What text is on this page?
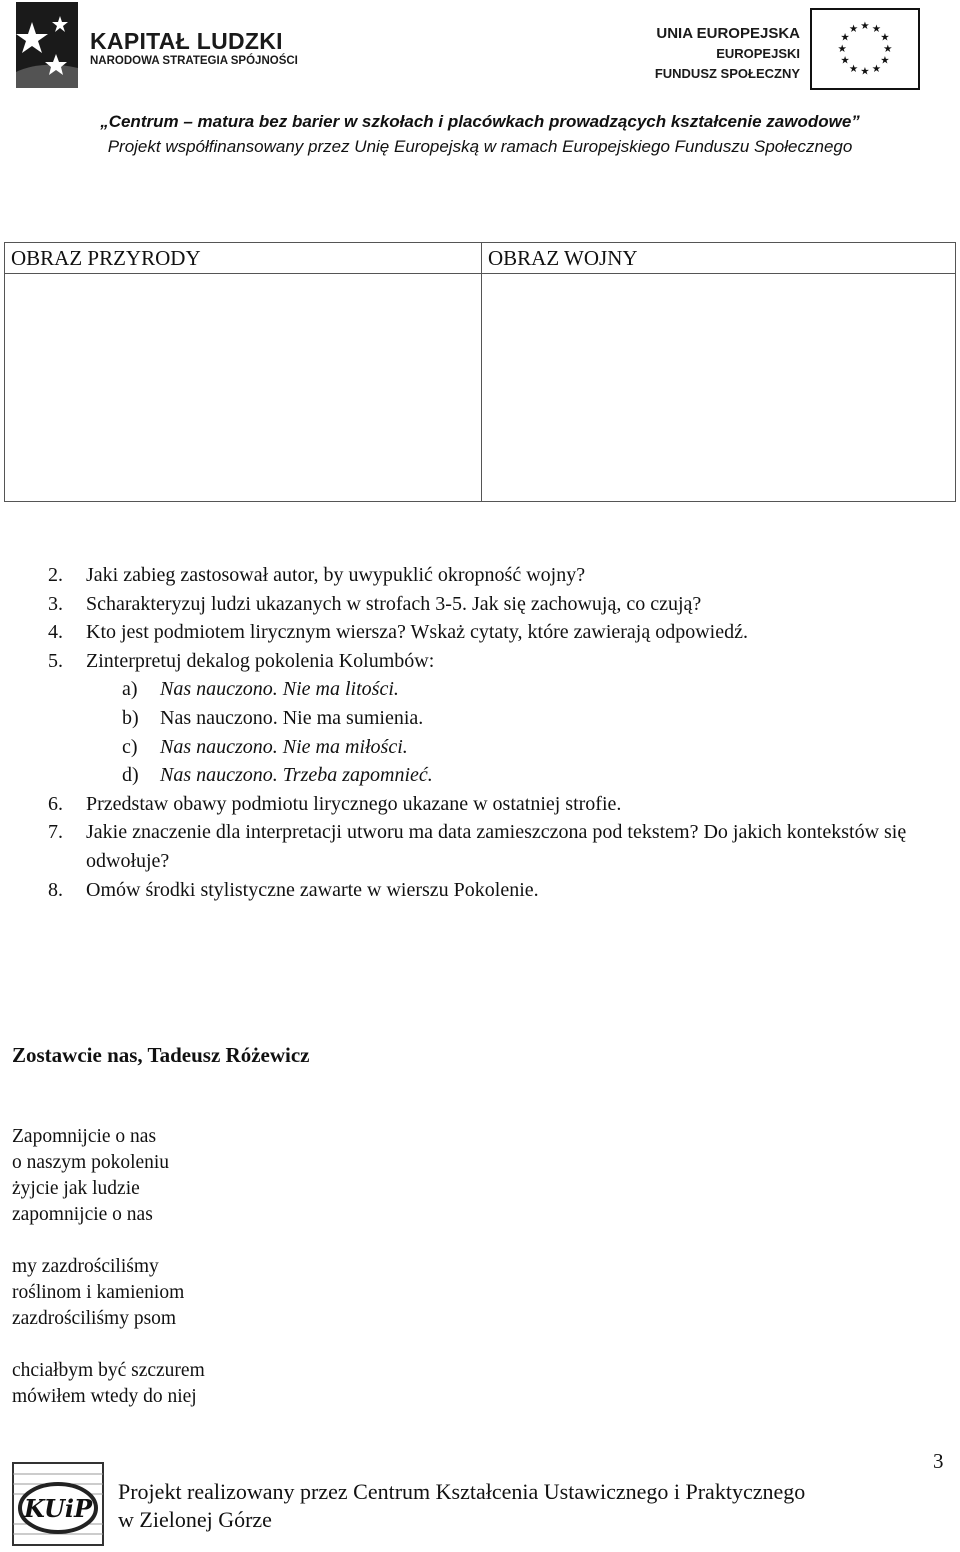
KAPITAŁ LUDZKI
NARODOWA STRATEGIA SPÓJNOŚCI
UNIA EUROPEJSKA
EUROPEJSKI
FUNDUSZ SPOŁECZNY
★ ★
★
★
★
★
★
★
★
★
★
★
„Centrum – matura bez barier w szkołach i placówkach prowadzących kształcenie zawodowe”
Projekt współfinansowany przez Unię Europejską w ramach Europejskiego Funduszu Społecznego
OBRAZ PRZYRODY	OBRAZ WOJNY

2.	Jaki zabieg zastosował autor, by uwypuklić okropność wojny?
3.	Scharakteryzuj ludzi ukazanych w strofach 3-5. Jak się zachowują, co czują?
4.	Kto jest podmiotem lirycznym wiersza? Wskaż cytaty, które zawierają odpowiedź.
5.	Zinterpretuj dekalog pokolenia Kolumbów:
a)	Nas nauczono. Nie ma litości.
b)	Nas nauczono. Nie ma sumienia.
c)	Nas nauczono. Nie ma miłości.
d)	Nas nauczono. Trzeba zapomnieć.
6.	Przedstaw obawy podmiotu lirycznego ukazane w ostatniej strofie.
7.	Jakie znaczenie dla interpretacji utworu ma data zamieszczona pod tekstem? Do jakich kontekstów się odwołuje?
8.	Omów środki stylistyczne zawarte w wierszu Pokolenie.
Zostawcie nas, Tadeusz Różewicz
Zapomnijcie o nas
o naszym pokoleniu
żyjcie jak ludzie
zapomnijcie o nas
my zazdrościliśmy
roślinom i kamieniom
zazdrościliśmy psom
chciałbym być szczurem
mówiłem wtedy do niej
KUiP
Projekt realizowany przez Centrum Kształcenia Ustawicznego i Praktycznego
w Zielonej Górze
3
